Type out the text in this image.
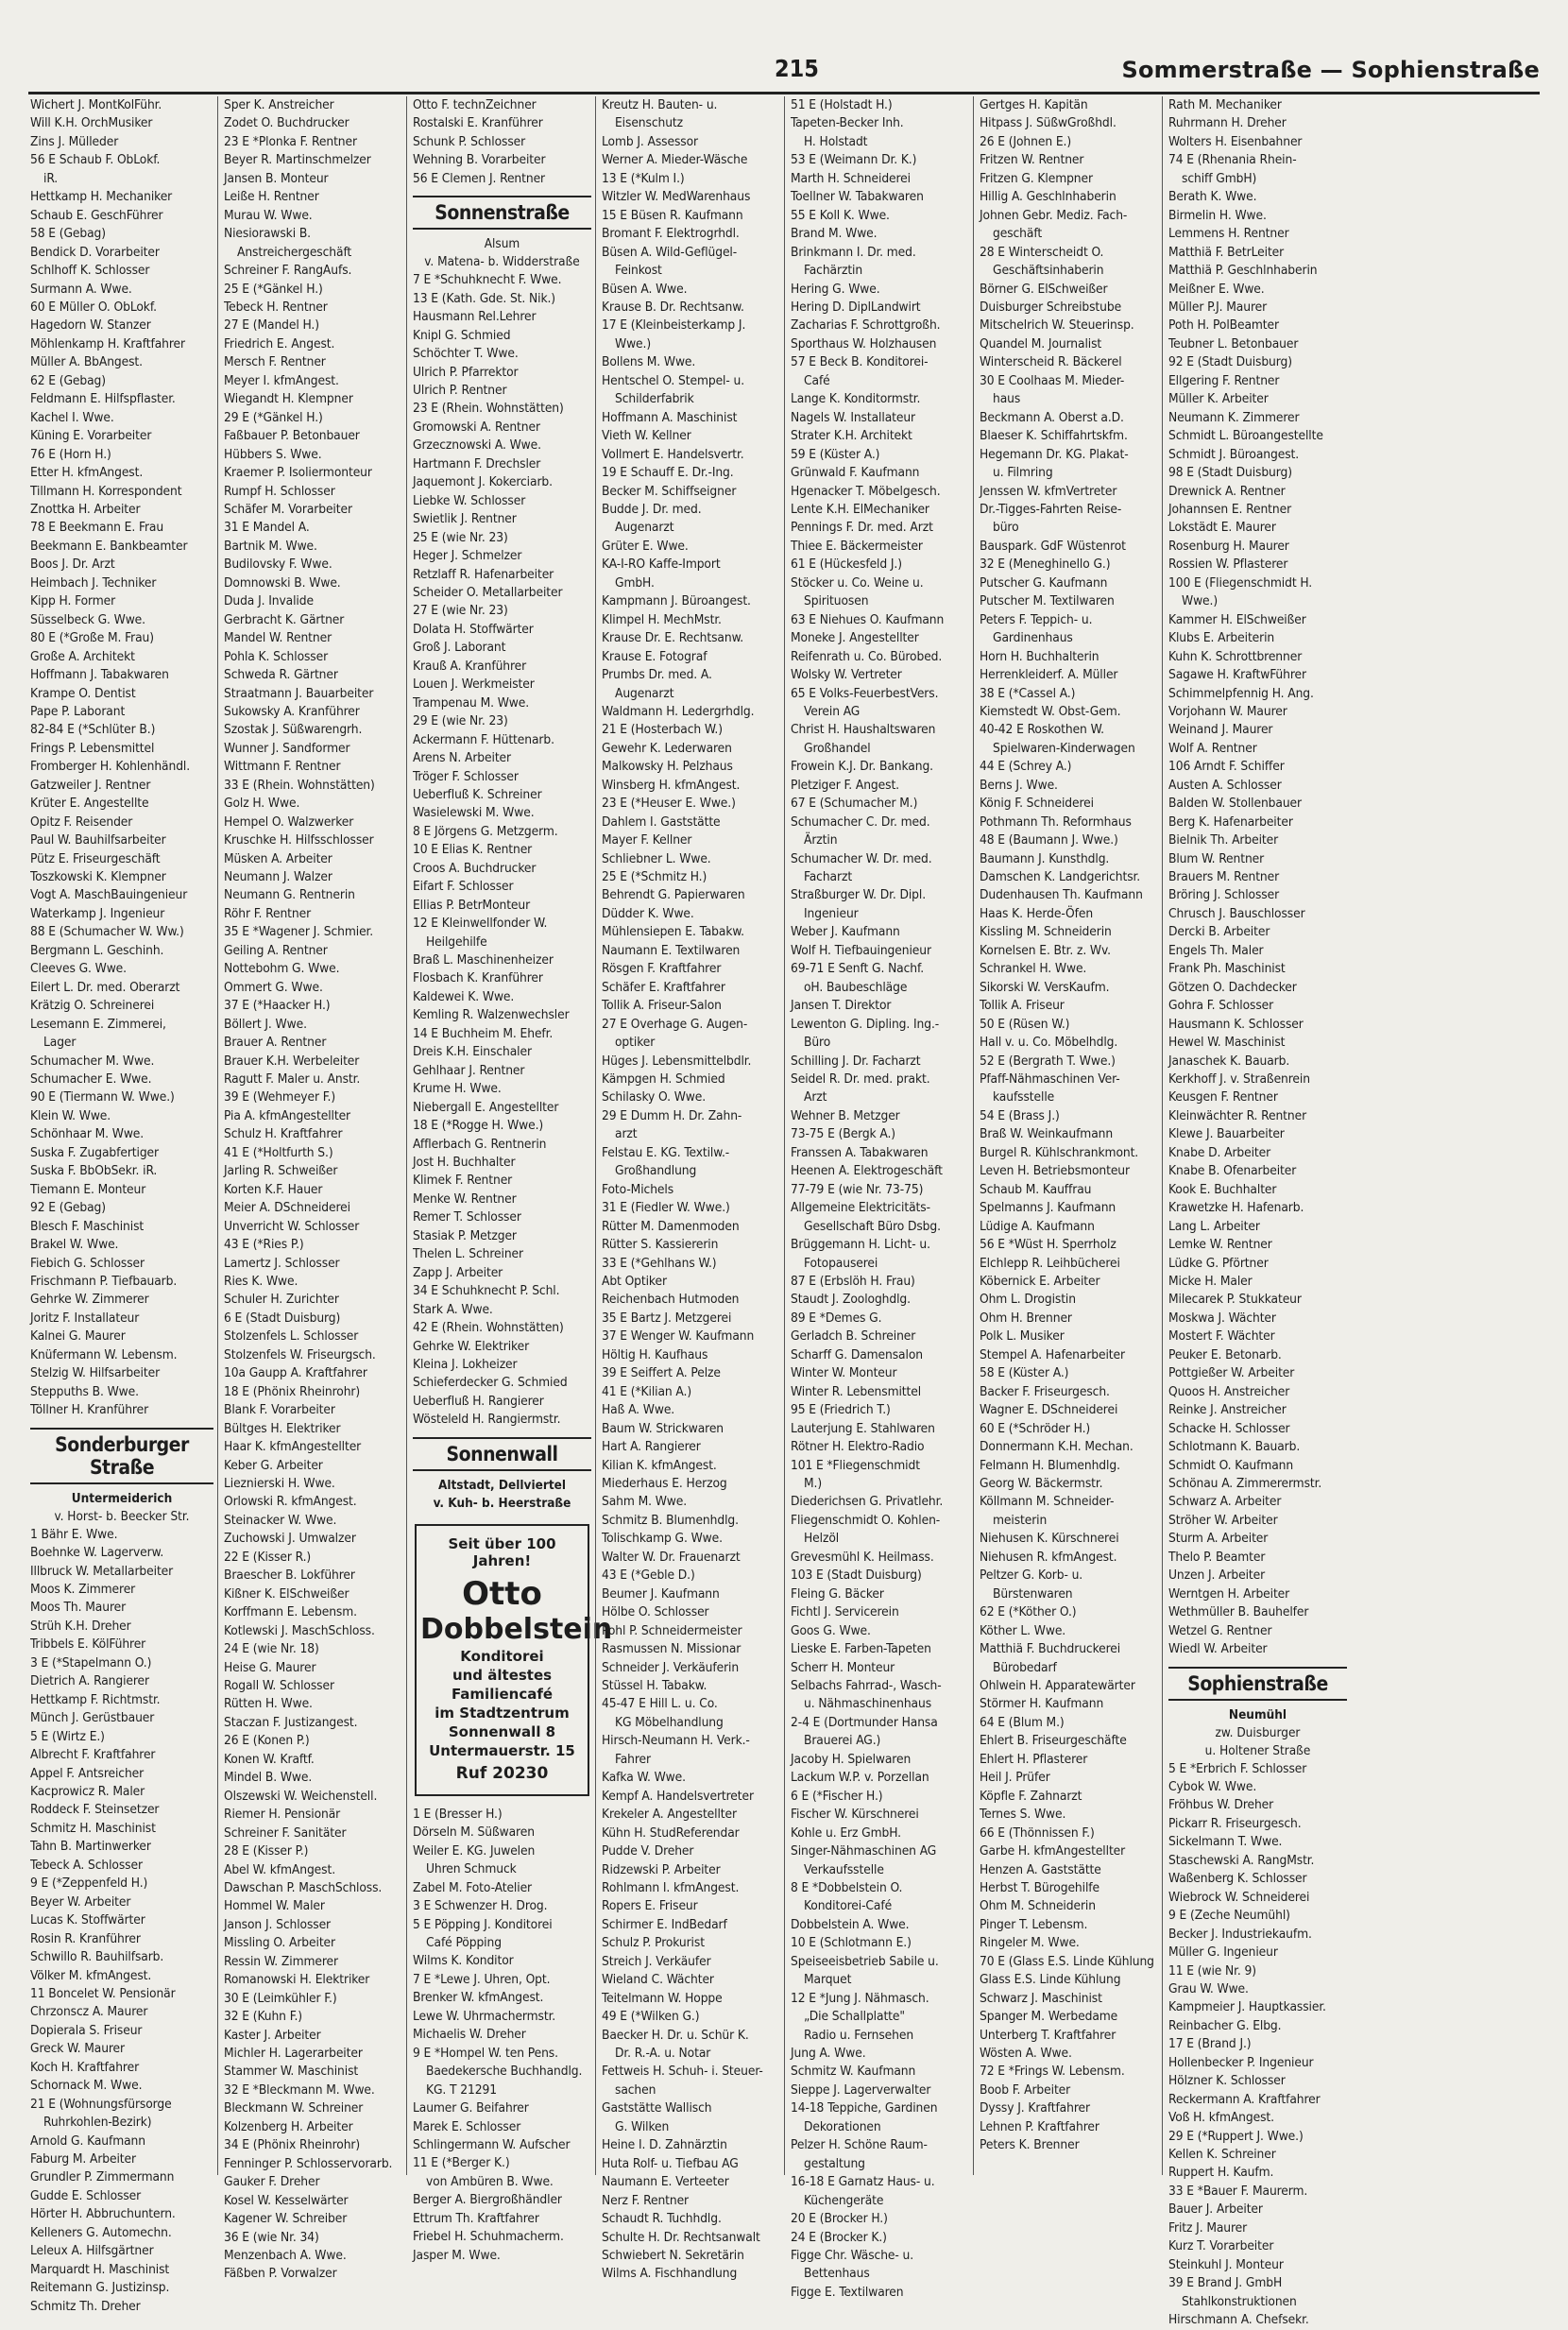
215	Sommerstraße — Sophienstraße
Wichert J. MontKolFühr.
Will K.H. OrchMusiker
Zins J. Mülleder
56 E Schaub F. ObLokf.
iR.
Hettkamp H. Mechaniker
Schaub E. GeschFührer
58 E (Gebag)
Bendick D. Vorarbeiter
Schlhoff K. Schlosser
Surmann A. Wwe.
60 E Müller O. ObLokf.
Hagedorn W. Stanzer
Möhlenkamp H. Kraftfahrer
Müller A. BbAngest.
62 E (Gebag)
Feldmann E. Hilfspflaster.
Kachel I. Wwe.
Küning E. Vorarbeiter
76 E (Horn H.)
Etter H. kfmAngest.
Tillmann H. Korrespondent
Znottka H. Arbeiter
78 E Beekmann E. Frau
Beekmann E. Bankbeamter
Boos J. Dr. Arzt
Heimbach J. Techniker
Kipp H. Former
Süsselbeck G. Wwe.
80 E (*Große M. Frau)
Große A. Architekt
Hoffmann J. Tabakwaren
Krampe O. Dentist
Pape P. Laborant
82-84 E (*Schlüter B.)
Frings P. Lebensmittel
Fromberger H. Kohlenhändl.
Gatzweiler J. Rentner
Krüter E. Angestellte
Opitz F. Reisender
Paul W. Bauhilfsarbeiter
Pütz E. Friseurgeschäft
Toszkowski K. Klempner
Vogt A. MaschBauingenieur
Waterkamp J. Ingenieur
88 E (Schumacher W. Ww.)
Bergmann L. Geschinh.
Cleeves G. Wwe.
Eilert L. Dr. med. Oberarzt
Krätzig O. Schreinerei
Lesemann E. Zimmerei,
Lager
Schumacher M. Wwe.
Schumacher E. Wwe.
90 E (Tiermann W. Wwe.)
Klein W. Wwe.
Schönhaar M. Wwe.
Suska F. Zugabfertiger
Suska F. BbObSekr. iR.
Tiemann E. Monteur
92 E (Gebag)
Blesch F. Maschinist
Brakel W. Wwe.
Fiebich G. Schlosser
Frischmann P. Tiefbauarb.
Gehrke W. Zimmerer
Joritz F. Installateur
Kalnei G. Maurer
Knüfermann W. Lebensm.
Stelzig W. Hilfsarbeiter
Steppuths B. Wwe.
Töllner H. Kranführer
Sonderburger Straße
Untermeiderich
v. Horst- b. Beecker Str.
1 Bähr E. Wwe.
Boehnke W. Lagerverw.
Illbruck W. Metallarbeiter
Moos K. Zimmerer
Moos Th. Maurer
Strüh K.H. Dreher
Tribbels E. KölFührer
3 E (*Stapelmann O.)
Dietrich A. Rangierer
Hettkamp F. Richtmstr.
Münch J. Gerüstbauer
5 E (Wirtz E.)
Albrecht F. Kraftfahrer
Appel F. Antsreicher
Kacprowicz R. Maler
Roddeck F. Steinsetzer
Schmitz H. Maschinist
Tahn B. Martinwerker
Tebeck A. Schlosser
9 E (*Zeppenfeld H.)
Beyer W. Arbeiter
Lucas K. Stoffwärter
Rosin R. Kranführer
Schwillo R. Bauhilfsarb.
Völker M. kfmAngest.
11 Boncelet W. Pensionär
Chrzonscz A. Maurer
Dopierala S. Friseur
Greck W. Maurer
Koch H. Kraftfahrer
Schornack M. Wwe.
21 E (Wohnungsfürsorge
Ruhrkohlen-Bezirk)
Arnold G. Kaufmann
Faburg M. Arbeiter
Grundler P. Zimmermann
Gudde E. Schlosser
Hörter H. Abbruchuntern.
Kelleners G. Automechn.
Leleux A. Hilfsgärtner
Marquardt H. Maschinist
Reitemann G. Justizinsp.
Schmitz Th. Dreher
Sper K. Anstreicher
Zodet O. Buchdrucker
23 E *Plonka F. Rentner
Beyer R. Martinschmelzer
Jansen B. Monteur
Leiße H. Rentner
Murau W. Wwe.
Niesiorawski B.
Anstreichergeschäft
Schreiner F. RangAufs.
25 E (*Gänkel H.)
Tebeck H. Rentner
27 E (Mandel H.)
Friedrich E. Angest.
Mersch F. Rentner
Meyer I. kfmAngest.
Wiegandt H. Klempner
29 E (*Gänkel H.)
Faßbauer P. Betonbauer
Hübbers S. Wwe.
Kraemer P. Isoliermonteur
Rumpf H. Schlosser
Schäfer M. Vorarbeiter
31 E Mandel A.
Bartnik M. Wwe.
Budilovsky F. Wwe.
Domnowski B. Wwe.
Duda J. Invalide
Gerbracht K. Gärtner
Mandel W. Rentner
Pohla K. Schlosser
Schweda R. Gärtner
Straatmann J. Bauarbeiter
Sukowsky A. Kranführer
Szostak J. Süßwarengrh.
Wunner J. Sandformer
Wittmann F. Rentner
33 E (Rhein. Wohnstätten)
Golz H. Wwe.
Hempel O. Walzwerker
Kruschke H. Hilfsschlosser
Müsken A. Arbeiter
Neumann J. Walzer
Neumann G. Rentnerin
Röhr F. Rentner
35 E *Wagener J. Schmier.
Geiling A. Rentner
Nottebohm G. Wwe.
Ommert G. Wwe.
37 E (*Haacker H.)
Böllert J. Wwe.
Brauer A. Rentner
Brauer K.H. Werbeleiter
Ragutt F. Maler u. Anstr.
39 E (Wehmeyer F.)
Pia A. kfmAngestellter
Schulz H. Kraftfahrer
41 E (*Holtfurth S.)
Jarling R. Schweißer
Korten K.F. Hauer
Meier A. DSchneiderei
Unverricht W. Schlosser
43 E (*Ries P.)
Lamertz J. Schlosser
Ries K. Wwe.
Schuler H. Zurichter
6 E (Stadt Duisburg)
Stolzenfels L. Schlosser
Stolzenfels W. Friseurgsch.
10a Gaupp A. Kraftfahrer
18 E (Phönix Rheinrohr)
Blank F. Vorarbeiter
Bültges H. Elektriker
Haar K. kfmAngestellter
Keber G. Arbeiter
Lieznierski H. Wwe.
Orlowski R. kfmAngest.
Steinacker W. Wwe.
Zuchowski J. Umwalzer
22 E (Kisser R.)
Braescher B. Lokführer
Kißner K. ElSchweißer
Korffmann E. Lebensm.
Kotlewski J. MaschSchloss.
24 E (wie Nr. 18)
Heise G. Maurer
Rogall W. Schlosser
Rütten H. Wwe.
Staczan F. Justizangest.
26 E (Konen P.)
Konen W. Kraftf.
Mindel B. Wwe.
Olszewski W. Weichenstell.
Riemer H. Pensionär
Schreiner F. Sanitäter
28 E (Kisser P.)
Abel W. kfmAngest.
Dawschan P. MaschSchloss.
Hommel W. Maler
Janson J. Schlosser
Missling O. Arbeiter
Ressin W. Zimmerer
Romanowski H. Elektriker
30 E (Leimkühler F.)
32 E (Kuhn F.)
Kaster J. Arbeiter
Michler H. Lagerarbeiter
Stammer W. Maschinist
32 E *Bleckmann M. Wwe.
Bleckmann W. Schreiner
Kolzenberg H. Arbeiter
34 E (Phönix Rheinrohr)
Fenninger P. Schlosservorarb.
Gauker F. Dreher
Kosel W. Kesselwärter
Kagener W. Schreiber
36 E (wie Nr. 34)
Menzenbach A. Wwe.
Fäßben P. Vorwalzer
Otto F. technZeichner
Rostalski E. Kranführer
Schunk P. Schlosser
Wehning B. Vorarbeiter
56 E Clemen J. Rentner
Sonnenstraße
Alsum
v. Matena- b. Widderstraße
7 E *Schuhknecht F. Wwe.
13 E (Kath. Gde. St. Nik.)
Hausmann Rel.Lehrer
Knipl G. Schmied
Schöchter T. Wwe.
Ulrich P. Pfarrektor
Ulrich P. Rentner
23 E (Rhein. Wohnstätten)
Gromowski A. Rentner
Grzecznowski A. Wwe.
Hartmann F. Drechsler
Jaquemont J. Kokerciarb.
Liebke W. Schlosser
Swietlik J. Rentner
25 E (wie Nr. 23)
Heger J. Schmelzer
Retzlaff R. Hafenarbeiter
Scheider O. Metallarbeiter
27 E (wie Nr. 23)
Dolata H. Stoffwärter
Groß J. Laborant
Krauß A. Kranführer
Louen J. Werkmeister
Trampenau M. Wwe.
29 E (wie Nr. 23)
Ackermann F. Hüttenarb.
Arens N. Arbeiter
Tröger F. Schlosser
Ueberfluß K. Schreiner
Wasielewski M. Wwe.
8 E Jörgens G. Metzgerm.
10 E Elias K. Rentner
Croos A. Buchdrucker
Eifart F. Schlosser
Ellias P. BetrMonteur
12 E Kleinwellfonder W.
Heilgehilfe
Braß L. Maschinenheizer
Flosbach K. Kranführer
Kaldewei K. Wwe.
Kemling R. Walzenwechsler
14 E Buchheim M. Ehefr.
Dreis K.H. Einschaler
Gehlhaar J. Rentner
Krume H. Wwe.
Niebergall E. Angestellter
18 E (*Rogge H. Wwe.)
Afflerbach G. Rentnerin
Jost H. Buchhalter
Klimek F. Rentner
Menke W. Rentner
Remer T. Schlosser
Stasiak P. Metzger
Thelen L. Schreiner
Zapp J. Arbeiter
34 E Schuhknecht P. Schl.
Stark A. Wwe.
42 E (Rhein. Wohnstätten)
Gehrke W. Elektriker
Kleina J. Lokheizer
Schieferdecker G. Schmied
Ueberfluß H. Rangierer
Wösteleld H. Rangiermstr.
Sonnenwall
Altstadt, Dellviertel
v. Kuh- b. Heerstraße
Seit über 100 Jahren!
Otto
Dobbelstein
Konditorei
und ältestes
Familiencafé
im Stadtzentrum
Sonnenwall 8
Untermauerstr. 15
Ruf 20230
1 E (Bresser H.)
Dörseln M. Süßwaren
Weiler E. KG. Juwelen
Uhren Schmuck
Zabel M. Foto-Atelier
3 E Schwenzer H. Drog.
5 E Pöpping J. Konditorei
Café Pöpping
Wilms K. Konditor
7 E *Lewe J. Uhren, Opt.
Brenker W. kfmAngest.
Lewe W. Uhrmachermstr.
Michaelis W. Dreher
9 E *Hompel W. ten Pens.
Baedekersche Buchhandlg.
KG. T 21291
Laumer G. Beifahrer
Marek E. Schlosser
Schlingermann W. Aufscher
11 E (*Berger K.)
von Ambüren B. Wwe.
Berger A. Biergroßhändler
Ettrum Th. Kraftfahrer
Friebel H. Schuhmacherm.
Jasper M. Wwe.
Kreutz H. Bauten- u.
Eisenschutz
Lomb J. Assessor
Werner A. Mieder-Wäsche
13 E (*Kulm I.)
Witzler W. MedWarenhaus
15 E Büsen R. Kaufmann
Bromant F. Elektrogrhdl.
Büsen A. Wild-Geflügel-
Feinkost
Büsen A. Wwe.
Krause B. Dr. Rechtsanw.
17 E (Kleinbeisterkamp J.
Wwe.)
Bollens M. Wwe.
Hentschel O. Stempel- u.
Schilderfabrik
Hoffmann A. Maschinist
Vieth W. Kellner
Vollmert E. Handelsvertr.
19 E Schauff E. Dr.-Ing.
Becker M. Schiffseigner
Budde J. Dr. med.
Augenarzt
Grüter E. Wwe.
KA-I-RO Kaffe-Import
GmbH.
Kampmann J. Büroangest.
Klimpel H. MechMstr.
Krause Dr. E. Rechtsanw.
Krause E. Fotograf
Prumbs Dr. med. A.
Augenarzt
Waldmann H. Ledergrhdlg.
21 E (Hosterbach W.)
Gewehr K. Lederwaren
Malkowsky H. Pelzhaus
Winsberg H. kfmAngest.
23 E (*Heuser E. Wwe.)
Dahlem I. Gaststätte
Mayer F. Kellner
Schliebner L. Wwe.
25 E (*Schmitz H.)
Behrendt G. Papierwaren
Düdder K. Wwe.
Mühlensiepen E. Tabakw.
Naumann E. Textilwaren
Rösgen F. Kraftfahrer
Schäfer E. Kraftfahrer
Tollik A. Friseur-Salon
27 E Overhage G. Augen-
optiker
Hüges J. Lebensmittelbdlr.
Kämpgen H. Schmied
Schilasky O. Wwe.
29 E Dumm H. Dr. Zahn-
arzt
Felstau E. KG. Textilw.-
Großhandlung
Foto-Michels
31 E (Fiedler W. Wwe.)
Rütter M. Damenmoden
Rütter S. Kassiererin
33 E (*Gehlhans W.)
Abt Optiker
Reichenbach Hutmoden
35 E Bartz J. Metzgerei
37 E Wenger W. Kaufmann
Höltig H. Kaufhaus
39 E Seiffert A. Pelze
41 E (*Kilian A.)
Haß A. Wwe.
Baum W. Strickwaren
Hart A. Rangierer
Kilian K. kfmAngest.
Miederhaus E. Herzog
Sahm M. Wwe.
Schmitz B. Blumenhdlg.
Tolischkamp G. Wwe.
Walter W. Dr. Frauenarzt
43 E (*Geble D.)
Beumer J. Kaufmann
Hölbe O. Schlosser
Pohl P. Schneidermeister
Rasmussen N. Missionar
Schneider J. Verkäuferin
Stüssel H. Tabakw.
45-47 E Hill L. u. Co.
KG Möbelhandlung
Hirsch-Neumann H. Verk.-
Fahrer
Kafka W. Wwe.
Kempf A. Handelsvertreter
Krekeler A. Angestellter
Kühn H. StudReferendar
Pudde V. Dreher
Ridzewski P. Arbeiter
Rohlmann I. kfmAngest.
Ropers E. Friseur
Schirmer E. IndBedarf
Schulz P. Prokurist
Streich J. Verkäufer
Wieland C. Wächter
Teitelmann W. Hoppe
49 E (*Wilken G.)
Baecker H. Dr. u. Schür K.
Dr. R.-A. u. Notar
Fettweis H. Schuh- i. Steuer-
sachen
Gaststätte Wallisch
G. Wilken
Heine I. D. Zahnärztin
Huta Rolf- u. Tiefbau AG
Naumann E. Verteeter
Nerz F. Rentner
Schaudt R. Tuchhdlg.
Schulte H. Dr. Rechtsanwalt
Schwiebert N. Sekretärin
Wilms A. Fischhandlung
51 E (Holstadt H.)
Tapeten-Becker Inh.
H. Holstadt
53 E (Weimann Dr. K.)
Marth H. Schneiderei
Toellner W. Tabakwaren
55 E Koll K. Wwe.
Brand M. Wwe.
Brinkmann I. Dr. med.
Fachärztin
Hering G. Wwe.
Hering D. DiplLandwirt
Zacharias F. Schrottgroßh.
Sporthaus W. Holzhausen
57 E Beck B. Konditorei-
Café
Lange K. Konditormstr.
Nagels W. Installateur
Strater K.H. Architekt
59 E (Küster A.)
Grünwald F. Kaufmann
Hgenacker T. Möbelgesch.
Lente K.H. ElMechaniker
Pennings F. Dr. med. Arzt
Thiee E. Bäckermeister
61 E (Hückesfeld J.)
Stöcker u. Co. Weine u.
Spirituosen
63 E Niehues O. Kaufmann
Moneke J. Angestellter
Reifenrath u. Co. Bürobed.
Wolsky W. Vertreter
65 E Volks-FeuerbestVers.
Verein AG
Christ H. Haushaltswaren
Großhandel
Frowein K.J. Dr. Bankang.
Pletziger F. Angest.
67 E (Schumacher M.)
Schumacher C. Dr. med.
Ärztin
Schumacher W. Dr. med.
Facharzt
Straßburger W. Dr. Dipl.
Ingenieur
Weber J. Kaufmann
Wolf H. Tiefbauingenieur
69-71 E Senft G. Nachf.
oH. Baubeschläge
Jansen T. Direktor
Lewenton G. Dipling. Ing.-
Büro
Schilling J. Dr. Facharzt
Seidel R. Dr. med. prakt.
Arzt
Wehner B. Metzger
73-75 E (Bergk A.)
Franssen A. Tabakwaren
Heenen A. Elektrogeschäft
77-79 E (wie Nr. 73-75)
Allgemeine Elektricitäts-
Gesellschaft Büro Dsbg.
Brüggemann H. Licht- u.
Fotopauserei
87 E (Erbslöh H. Frau)
Staudt J. Zoologhdlg.
89 E *Demes G.
Gerladch B. Schreiner
Scharff G. Damensalon
Winter W. Monteur
Winter R. Lebensmittel
95 E (Friedrich T.)
Lauterjung E. Stahlwaren
Rötner H. Elektro-Radio
101 E *Fliegenschmidt
M.)
Diederichsen G. Privatlehr.
Fliegenschmidt O. Kohlen-
Helzöl
Grevesmühl K. Heilmass.
103 E (Stadt Duisburg)
Fleing G. Bäcker
Fichtl J. Servicerein
Goos G. Wwe.
Lieske E. Farben-Tapeten
Scherr H. Monteur
Selbachs Fahrrad-, Wasch-
u. Nähmaschinenhaus
2-4 E (Dortmunder Hansa
Brauerei AG.)
Jacoby H. Spielwaren
Lackum W.P. v. Porzellan
6 E (*Fischer H.)
Fischer W. Kürschnerei
Kohle u. Erz GmbH.
Singer-Nähmaschinen AG
Verkaufsstelle
8 E *Dobbelstein O.
Konditorei-Café
Dobbelstein A. Wwe.
10 E (Schlotmann E.)
Speiseeisbetrieb Sabile u.
Marquet
12 E *Jung J. Nähmasch.
„Die Schallplatte"
Radio u. Fernsehen
Jung A. Wwe.
Schmitz W. Kaufmann
Sieppe J. Lagerverwalter
14-18 Teppiche, Gardinen
Dekorationen
Pelzer H. Schöne Raum-
gestaltung
16-18 E Garnatz Haus- u.
Küchengeräte
20 E (Brocker H.)
24 E (Brocker K.)
Figge Chr. Wäsche- u.
Bettenhaus
Figge E. Textilwaren
Gertges H. Kapitän
Hitpass J. SüßwGroßhdl.
26 E (Johnen E.)
Fritzen W. Rentner
Fritzen G. Klempner
Hillig A. Geschlnhaberin
Johnen Gebr. Mediz. Fach-
geschäft
28 E Winterscheidt O.
Geschäftsinhaberin
Börner G. ElSchweißer
Duisburger Schreibstube
Mitschelrich W. Steuerinsp.
Quandel M. Journalist
Winterscheid R. Bäckerel
30 E Coolhaas M. Mieder-
haus
Beckmann A. Oberst a.D.
Blaeser K. Schiffahrtskfm.
Hegemann Dr. KG. Plakat-
u. Filmring
Jenssen W. kfmVertreter
Dr.-Tigges-Fahrten Reise-
büro
Bauspark. GdF Wüstenrot
32 E (Meneghinello G.)
Putscher G. Kaufmann
Putscher M. Textilwaren
Peters F. Teppich- u.
Gardinenhaus
Horn H. Buchhalterin
Herrenkleiderf. A. Müller
38 E (*Cassel A.)
Kiemstedt W. Obst-Gem.
40-42 E Roskothen W.
Spielwaren-Kinderwagen
44 E (Schrey A.)
Berns J. Wwe.
König F. Schneiderei
Pothmann Th. Reformhaus
48 E (Baumann J. Wwe.)
Baumann J. Kunsthdlg.
Damschen K. Landgerichtsr.
Dudenhausen Th. Kaufmann
Haas K. Herde-Öfen
Kissling M. Schneiderin
Kornelsen E. Btr. z. Wv.
Schrankel H. Wwe.
Sikorski W. VersKaufm.
Tollik A. Friseur
50 E (Rüsen W.)
Hall v. u. Co. Möbelhdlg.
52 E (Bergrath T. Wwe.)
Pfaff-Nähmaschinen Ver-
kaufsstelle
54 E (Brass J.)
Braß W. Weinkaufmann
Burgel R. Kühlschrankmont.
Leven H. Betriebsmonteur
Schaub M. Kauffrau
Spelmanns J. Kaufmann
Lüdige A. Kaufmann
56 E *Wüst H. Sperrholz
Elchlepp R. Leihbücherei
Köbernick E. Arbeiter
Ohm L. Drogistin
Ohm H. Brenner
Polk L. Musiker
Stempel A. Hafenarbeiter
58 E (Küster A.)
Backer F. Friseurgesch.
Wagner E. DSchneiderei
60 E (*Schröder H.)
Donnermann K.H. Mechan.
Felmann H. Blumenhdlg.
Georg W. Bäckermstr.
Köllmann M. Schneider-
meisterin
Niehusen K. Kürschnerei
Niehusen R. kfmAngest.
Peltzer G. Korb- u.
Bürstenwaren
62 E (*Köther O.)
Köther L. Wwe.
Matthiä F. Buchdruckerei
Bürobedarf
Ohlwein H. Apparatewärter
Störmer H. Kaufmann
64 E (Blum M.)
Ehlert B. Friseurgeschäfte
Ehlert H. Pflasterer
Heil J. Prüfer
Köpfle F. Zahnarzt
Ternes S. Wwe.
66 E (Thönnissen F.)
Garbe H. kfmAngestellter
Henzen A. Gaststätte
Herbst T. Bürogehilfe
Ohm M. Schneiderin
Pinger T. Lebensm.
Ringeler M. Wwe.
70 E (Glass E.S. Linde Kühlung
Glass E.S. Linde Kühlung
Schwarz J. Maschinist
Spanger M. Werbedame
Unterberg T. Kraftfahrer
Wösten A. Wwe.
72 E *Frings W. Lebensm.
Boob F. Arbeiter
Dyssy J. Kraftfahrer
Lehnen P. Kraftfahrer
Peters K. Brenner
Rath M. Mechaniker
Ruhrmann H. Dreher
Wolters H. Eisenbahner
74 E (Rhenania Rhein-
schiff GmbH)
Berath K. Wwe.
Birmelin H. Wwe.
Lemmens H. Rentner
Matthiä F. BetrLeiter
Matthiä P. Geschlnhaberin
Meißner E. Wwe.
Müller P.J. Maurer
Poth H. PolBeamter
Teubner L. Betonbauer
92 E (Stadt Duisburg)
Ellgering F. Rentner
Müller K. Arbeiter
Neumann K. Zimmerer
Schmidt L. Büroangestellte
Schmidt J. Büroangest.
98 E (Stadt Duisburg)
Drewnick A. Rentner
Johannsen E. Rentner
Lokstädt E. Maurer
Rosenburg H. Maurer
Rossien W. Pflasterer
100 E (Fliegenschmidt H.
Wwe.)
Kammer H. ElSchweißer
Klubs E. Arbeiterin
Kuhn K. Schrottbrenner
Sagawe H. KraftwFührer
Schimmelpfennig H. Ang.
Vorjohann W. Maurer
Weinand J. Maurer
Wolf A. Rentner
106 Arndt F. Schiffer
Austen A. Schlosser
Balden W. Stollenbauer
Berg K. Hafenarbeiter
Bielnik Th. Arbeiter
Blum W. Rentner
Brauers M. Rentner
Bröring J. Schlosser
Chrusch J. Bauschlosser
Dercki B. Arbeiter
Engels Th. Maler
Frank Ph. Maschinist
Götzen O. Dachdecker
Gohra F. Schlosser
Hausmann K. Schlosser
Hewel W. Maschinist
Janaschek K. Bauarb.
Kerkhoff J. v. Straßenrein
Keusgen F. Rentner
Kleinwächter R. Rentner
Klewe J. Bauarbeiter
Knabe D. Arbeiter
Knabe B. Ofenarbeiter
Kook E. Buchhalter
Krawetzke H. Hafenarb.
Lang L. Arbeiter
Lemke W. Rentner
Lüdke G. Pförtner
Micke H. Maler
Milecarek P. Stukkateur
Moskwa J. Wächter
Mostert F. Wächter
Peuker E. Betonarb.
Pottgießer W. Arbeiter
Quoos H. Anstreicher
Reinke J. Anstreicher
Schacke H. Schlosser
Schlotmann K. Bauarb.
Schmidt O. Kaufmann
Schönau A. Zimmerermstr.
Schwarz A. Arbeiter
Ströher W. Arbeiter
Sturm A. Arbeiter
Thelo P. Beamter
Unzen J. Arbeiter
Werntgen H. Arbeiter
Wethmüller B. Bauhelfer
Wetzel G. Rentner
Wiedl W. Arbeiter
Sophienstraße
Neumühl
zw. Duisburger
u. Holtener Straße
5 E *Erbrich F. Schlosser
Cybok W. Wwe.
Fröhbus W. Dreher
Pickarr R. Friseurgesch.
Sickelmann T. Wwe.
Staschewski A. RangMstr.
Waßenberg K. Schlosser
Wiebrock W. Schneiderei
9 E (Zeche Neumühl)
Becker J. Industriekaufm.
Müller G. Ingenieur
11 E (wie Nr. 9)
Grau W. Wwe.
Kampmeier J. Hauptkassier.
Reinbacher G. Elbg.
17 E (Brand J.)
Hollenbecker P. Ingenieur
Hölzner K. Schlosser
Reckermann A. Kraftfahrer
Voß H. kfmAngest.
29 E (*Ruppert J. Wwe.)
Kellen K. Schreiner
Ruppert H. Kaufm.
33 E *Bauer F. Maurerm.
Bauer J. Arbeiter
Fritz J. Maurer
Kurz T. Vorarbeiter
Steinkuhl J. Monteur
39 E Brand J. GmbH
Stahlkonstruktionen
Hirschmann A. Chefsekr.
